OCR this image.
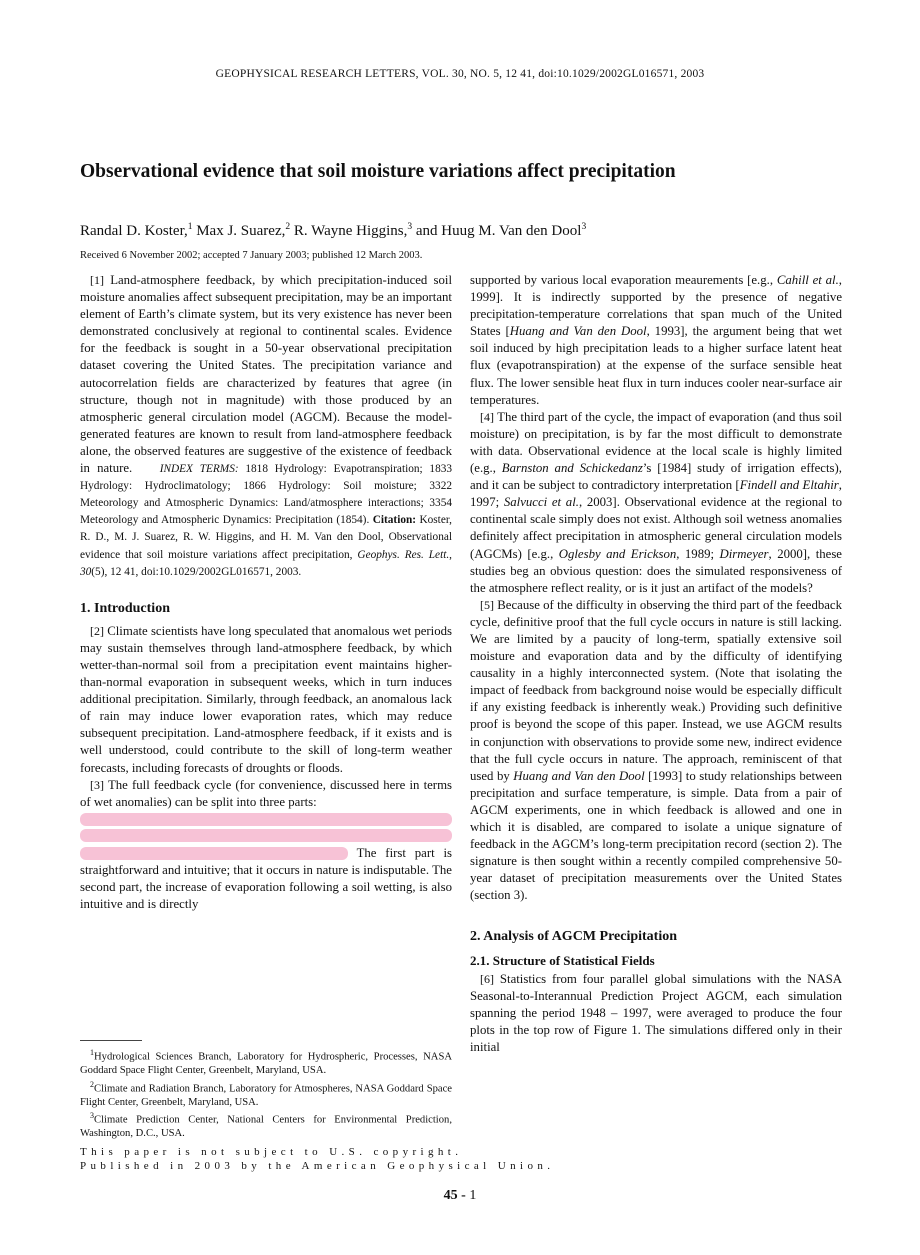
GEOPHYSICAL RESEARCH LETTERS, VOL. 30, NO. 5, 12 41, doi:10.1029/2002GL016571, 2003
Observational evidence that soil moisture variations affect precipitation
Randal D. Koster,$^1$ Max J. Suarez,$^2$ R. Wayne Higgins,$^3$ and Huug M. Van den Dool$^3$
Received 6 November 2002; accepted 7 January 2003; published 12 March 2003.

[1] Land-atmosphere feedback, by which precipitation-induced soil moisture anomalies affect subsequent precipitation, may be an important element of Earth’s climate system, but its very existence has never been demonstrated conclusively at regional to continental scales. Evidence for the feedback is sought in a 50-year observational precipitation dataset covering the United States. The precipitation variance and autocorrelation fields are characterized by features that agree (in structure, though not in magnitude) with those produced by an atmospheric general circulation model (AGCM). Because the model-generated features are known to result from land-atmosphere feedback alone, the observed features are suggestive of the existence of feedback in nature. INDEX TERMS: 1818 Hydrology: Evapotranspiration; 1833 Hydrology: Hydroclimatology; 1866 Hydrology: Soil moisture; 3322 Meteorology and Atmospheric Dynamics: Land/atmosphere interactions; 3354 Meteorology and Atmospheric Dynamics: Precipitation (1854). Citation: Koster, R. D., M. J. Suarez, R. W. Higgins, and H. M. Van den Dool, Observational evidence that soil moisture variations affect precipitation, Geophys. Res. Lett., 30(5), 12 41, doi:10.1029/2002GL016571, 2003.

1. Introduction

[2] Climate scientists have long speculated that anomalous wet periods may sustain themselves through land-atmosphere feedback, by which wetter-than-normal soil from a precipitation event maintains higher-than-normal evaporation in subsequent weeks, which in turn induces additional precipitation. Similarly, through feedback, an anomalous lack of rain may induce lower evaporation rates, which may reduce subsequent precipitation. Land-atmosphere feedback, if it exists and is well understood, could contribute to the skill of long-term weather forecasts, including forecasts of droughts or floods.

[3] The full feedback cycle (for convenience, discussed here in terms of wet anomalies) can be split into three parts:

The first part is straightforward and intuitive; that it occurs in nature is indisputable. The second part, the increase of evaporation following a soil wetting, is also intuitive and is directly

supported by various local evaporation meaurements [e.g., Cahill et al., 1999]. It is indirectly supported by the presence of negative precipitation-temperature correlations that span much of the United States [Huang and Van den Dool, 1993], the argument being that wet soil induced by high precipitation leads to a higher surface latent heat flux (evapotranspiration) at the expense of the surface sensible heat flux. The lower sensible heat flux in turn induces cooler near-surface air temperatures.

[4] The third part of the cycle, the impact of evaporation (and thus soil moisture) on precipitation, is by far the most difficult to demonstrate with data. Observational evidence at the local scale is highly limited (e.g., Barnston and Schickedanz’s [1984] study of irrigation effects), and it can be subject to contradictory interpretation [Findell and Eltahir, 1997; Salvucci et al., 2003]. Observational evidence at the regional to continental scale simply does not exist. Although soil wetness anomalies definitely affect precipitation in atmospheric general circulation models (AGCMs) [e.g., Oglesby and Erickson, 1989; Dirmeyer, 2000], these studies beg an obvious question: does the simulated responsiveness of the atmosphere reflect reality, or is it just an artifact of the models?

[5] Because of the difficulty in observing the third part of the feedback cycle, definitive proof that the full cycle occurs in nature is still lacking. We are limited by a paucity of long-term, spatially extensive soil moisture and evaporation data and by the difficulty of identifying causality in a highly interconnected system. (Note that isolating the impact of feedback from background noise would be especially difficult if any existing feedback is inherently weak.) Providing such definitive proof is beyond the scope of this paper. Instead, we use AGCM results in conjunction with observations to provide some new, indirect evidence that the full cycle occurs in nature. The approach, reminiscent of that used by Huang and Van den Dool [1993] to study relationships between precipitation and surface temperature, is simple. Data from a pair of AGCM experiments, one in which feedback is allowed and one in which it is disabled, are compared to isolate a unique signature of feedback in the AGCM’s long-term precipitation record (section 2). The signature is then sought within a recently compiled comprehensive 50-year dataset of precipitation measurements over the United States (section 3).

2. Analysis of AGCM Precipitation
2.1. Structure of Statistical Fields

[6] Statistics from four parallel global simulations with the NASA Seasonal-to-Interannual Prediction Project AGCM, each simulation spanning the period 1948 – 1997, were averaged to produce the four plots in the top row of Figure 1. The simulations differed only in their initial

$^1$Hydrological Sciences Branch, Laboratory for Hydrospheric, Processes, NASA Goddard Space Flight Center, Greenbelt, Maryland, USA.

$^2$Climate and Radiation Branch, Laboratory for Atmospheres, NASA Goddard Space Flight Center, Greenbelt, Maryland, USA.

$^3$Climate Prediction Center, National Centers for Environmental Prediction, Washington, D.C., USA.

This paper is not subject to U.S. copyright.
Published in 2003 by the American Geophysical Union.
45 - 1
